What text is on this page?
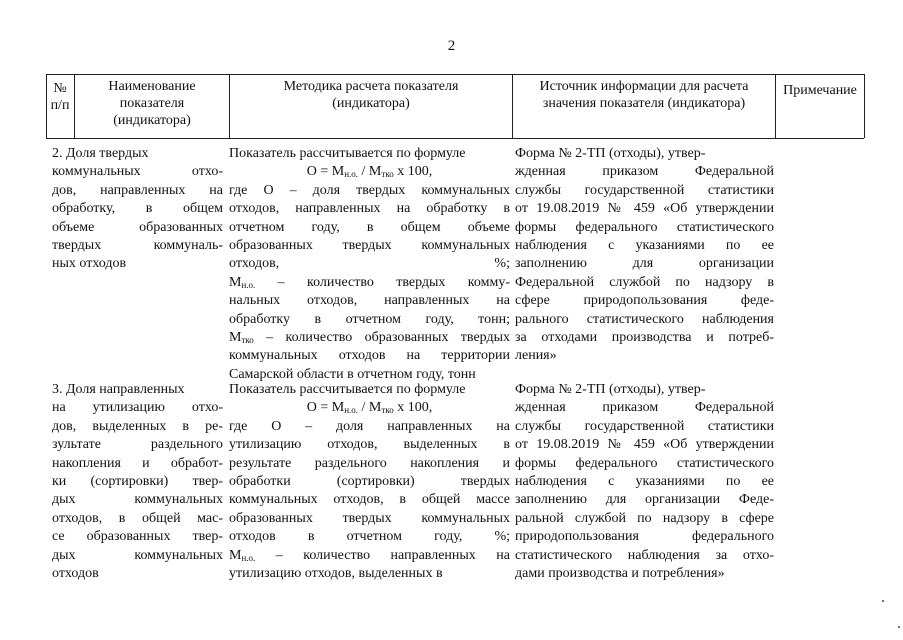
2
№ п/п
Наименование показателя (индикатора)
Методика расчета показателя (индикатора)
Источник информации для расчета значения показателя (индикатора)
Примечание
2. Доля твердых
коммунальных отхо-
дов, направленных на
обработку, в общем
объеме образованных
твердых коммуналь-
ных отходов
Показатель рассчитывается по формуле
$О = М_{н.о.} / М_{тко}$ х 100,
где О – доля твердых коммунальных
отходов, направленных на обработку в
отчетном году, в общем объеме
образованных твердых коммунальных
отходов, %;
$М_{н.о.}$ – количество твердых комму-
нальных отходов, направленных на
обработку в отчетном году, тонн;
$М_{тко}$ – количество образованных твердых
коммунальных отходов на территории
Самарской области в отчетном году, тонн
Форма № 2-ТП (отходы), утвер-
жденная приказом Федеральной
службы государственной статистики
от 19.08.2019 № 459 «Об утверждении
формы федерального статистического
наблюдения с указаниями по ее
заполнению для организации
Федеральной службой по надзору в
сфере природопользования феде-
рального статистического наблюдения
за отходами производства и потреб-
ления»
3. Доля направленных
на утилизацию отхо-
дов, выделенных в ре-
зультате раздельного
накопления и обработ-
ки (сортировки) твер-
дых коммунальных
отходов, в общей мас-
се образованных твер-
дых коммунальных
отходов
Показатель рассчитывается по формуле
$О = М_{н.о.} / М_{тко}$ х 100,
где О – доля направленных на
утилизацию отходов, выделенных в
результате раздельного накопления и
обработки (сортировки) твердых
коммунальных отходов, в общей массе
образованных твердых коммунальных
отходов в отчетном году, %;
$М_{н.о.}$ – количество направленных на
утилизацию отходов, выделенных в
Форма № 2-ТП (отходы), утвер-
жденная приказом Федеральной
службы государственной статистики
от 19.08.2019 № 459 «Об утверждении
формы федерального статистического
наблюдения с указаниями по ее
заполнению для организации Феде-
ральной службой по надзору в сфере
природопользования федерального
статистического наблюдения за отхо-
дами производства и потребления»
